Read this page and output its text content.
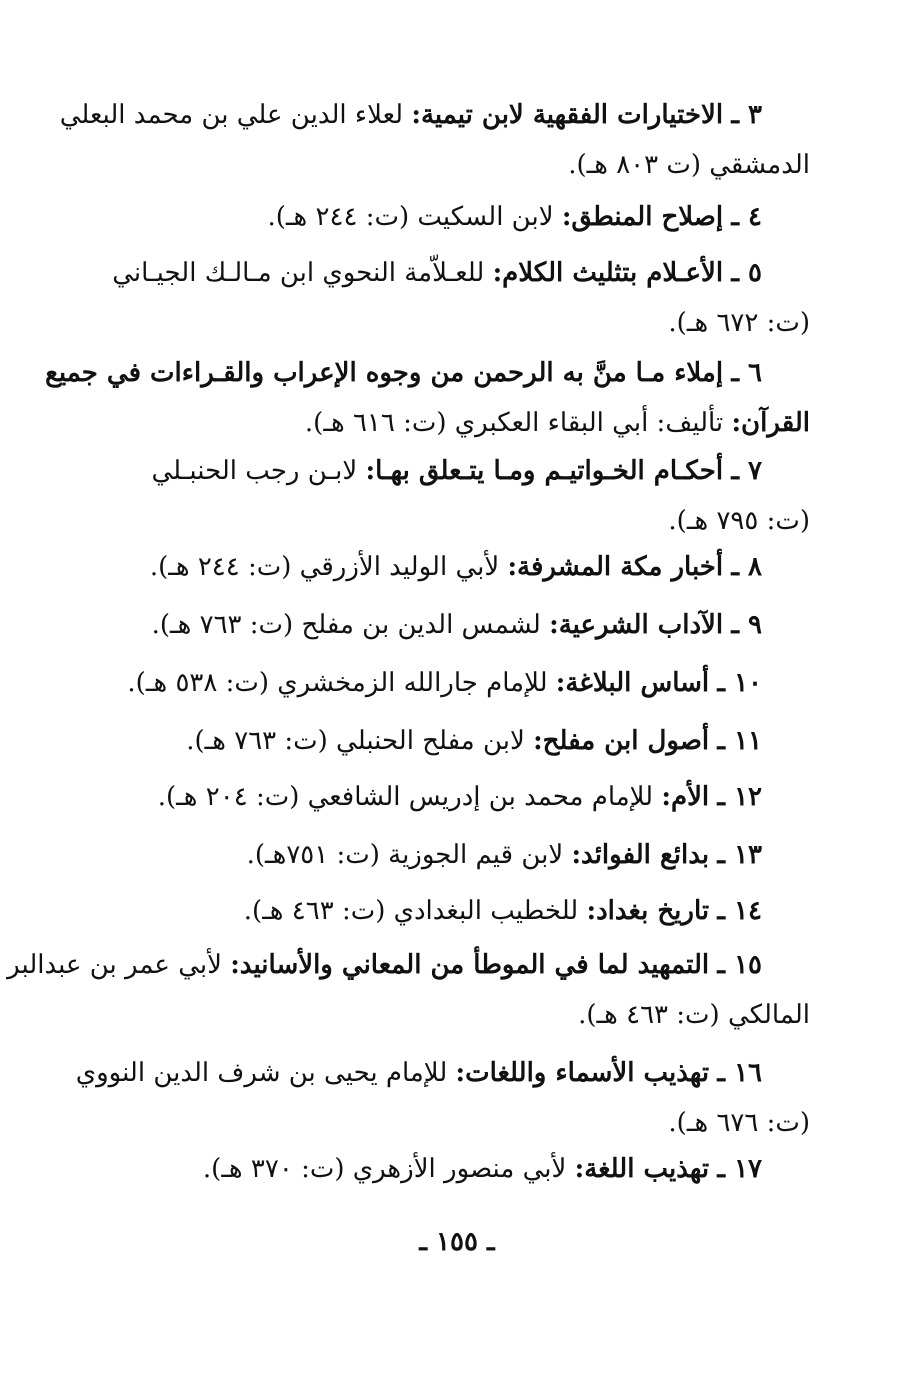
٣ ـ الاختيارات الفقهية لابن تيمية: لعلاء الدين علي بن محمد البعلي
الدمشقي (ت ٨٠٣ هـ).
٤ ـ إصلاح المنطق: لابن السكيت (ت: ٢٤٤ هـ).
٥ ـ الأعـلام بتثليث الكلام: للعـلاّمة النحوي ابن مـالـك الجيـاني
(ت: ٦٧٢ هـ).
٦ ـ إملاء مـا منَّ به الرحمن من وجوه الإعراب والقـراءات في جميع
القرآن: تأليف: أبي البقاء العكبري (ت: ٦١٦ هـ).
٧ ـ أحكـام الخـواتيـم ومـا يتـعلق بهـا: لابـن رجب الحنبـلي
(ت: ٧٩٥ هـ).
٨ ـ أخبار مكة المشرفة: لأبي الوليد الأزرقي (ت: ٢٤٤ هـ).
٩ ـ الآداب الشرعية: لشمس الدين بن مفلح (ت: ٧٦٣ هـ).
١٠ ـ أساس البلاغة: للإمام جارالله الزمخشري (ت: ٥٣٨ هـ).
١١ ـ أصول ابن مفلح: لابن مفلح الحنبلي (ت: ٧٦٣ هـ).
١٢ ـ الأم: للإمام محمد بن إدريس الشافعي (ت: ٢٠٤ هـ).
١٣ ـ بدائع الفوائد: لابن قيم الجوزية (ت: ٧٥١هـ).
١٤ ـ تاريخ بغداد: للخطيب البغدادي (ت: ٤٦٣ هـ).
١٥ ـ التمهيد لما في الموطأ من المعاني والأسانيد: لأبي عمر بن عبدالبر
المالكي (ت: ٤٦٣ هـ).
١٦ ـ تهذيب الأسماء واللغات: للإمام يحيى بن شرف الدين النووي
(ت: ٦٧٦ هـ).
١٧ ـ تهذيب اللغة: لأبي منصور الأزهري (ت: ٣٧٠ هـ).
ـ ١٥٥ ـ
